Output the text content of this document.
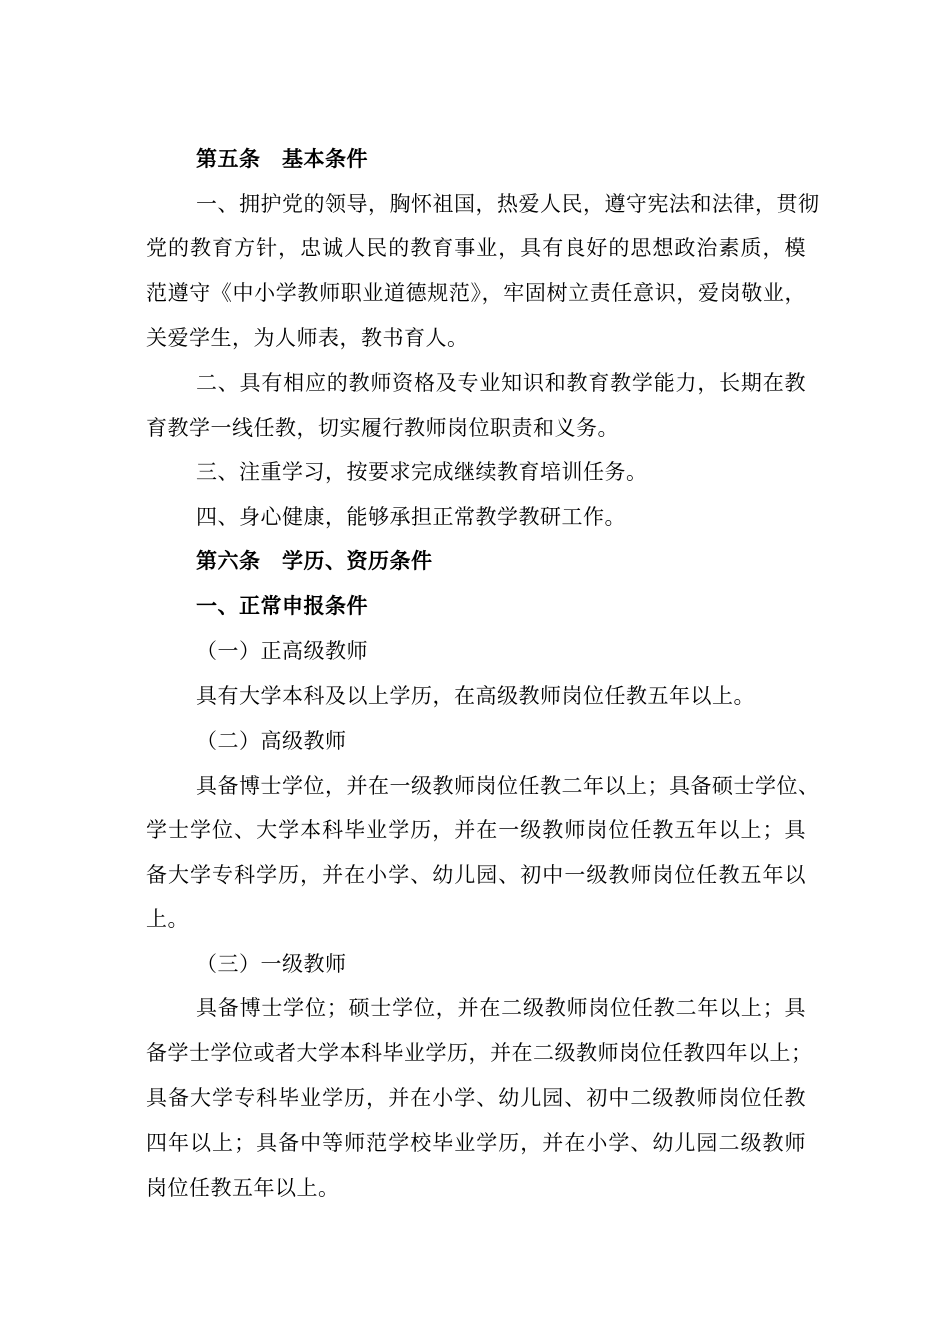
第五条　基本条件
一、拥护党的领导，胸怀祖国，热爱人民，遵守宪法和法律，贯彻
党的教育方针，忠诚人民的教育事业，具有良好的思想政治素质，模
范遵守《中小学教师职业道德规范》，牢固树立责任意识，爱岗敬业，
关爱学生，为人师表，教书育人。
二、具有相应的教师资格及专业知识和教育教学能力，长期在教
育教学一线任教，切实履行教师岗位职责和义务。
三、注重学习，按要求完成继续教育培训任务。
四、身心健康，能够承担正常教学教研工作。
第六条　学历、资历条件
一、正常申报条件
（一）正高级教师
具有大学本科及以上学历，在高级教师岗位任教五年以上。
（二）高级教师
具备博士学位，并在一级教师岗位任教二年以上；具备硕士学位、
学士学位、大学本科毕业学历，并在一级教师岗位任教五年以上；具
备大学专科学历，并在小学、幼儿园、初中一级教师岗位任教五年以
上。
（三）一级教师
具备博士学位；硕士学位，并在二级教师岗位任教二年以上；具
备学士学位或者大学本科毕业学历，并在二级教师岗位任教四年以上；
具备大学专科毕业学历，并在小学、幼儿园、初中二级教师岗位任教
四年以上；具备中等师范学校毕业学历，并在小学、幼儿园二级教师
岗位任教五年以上。
